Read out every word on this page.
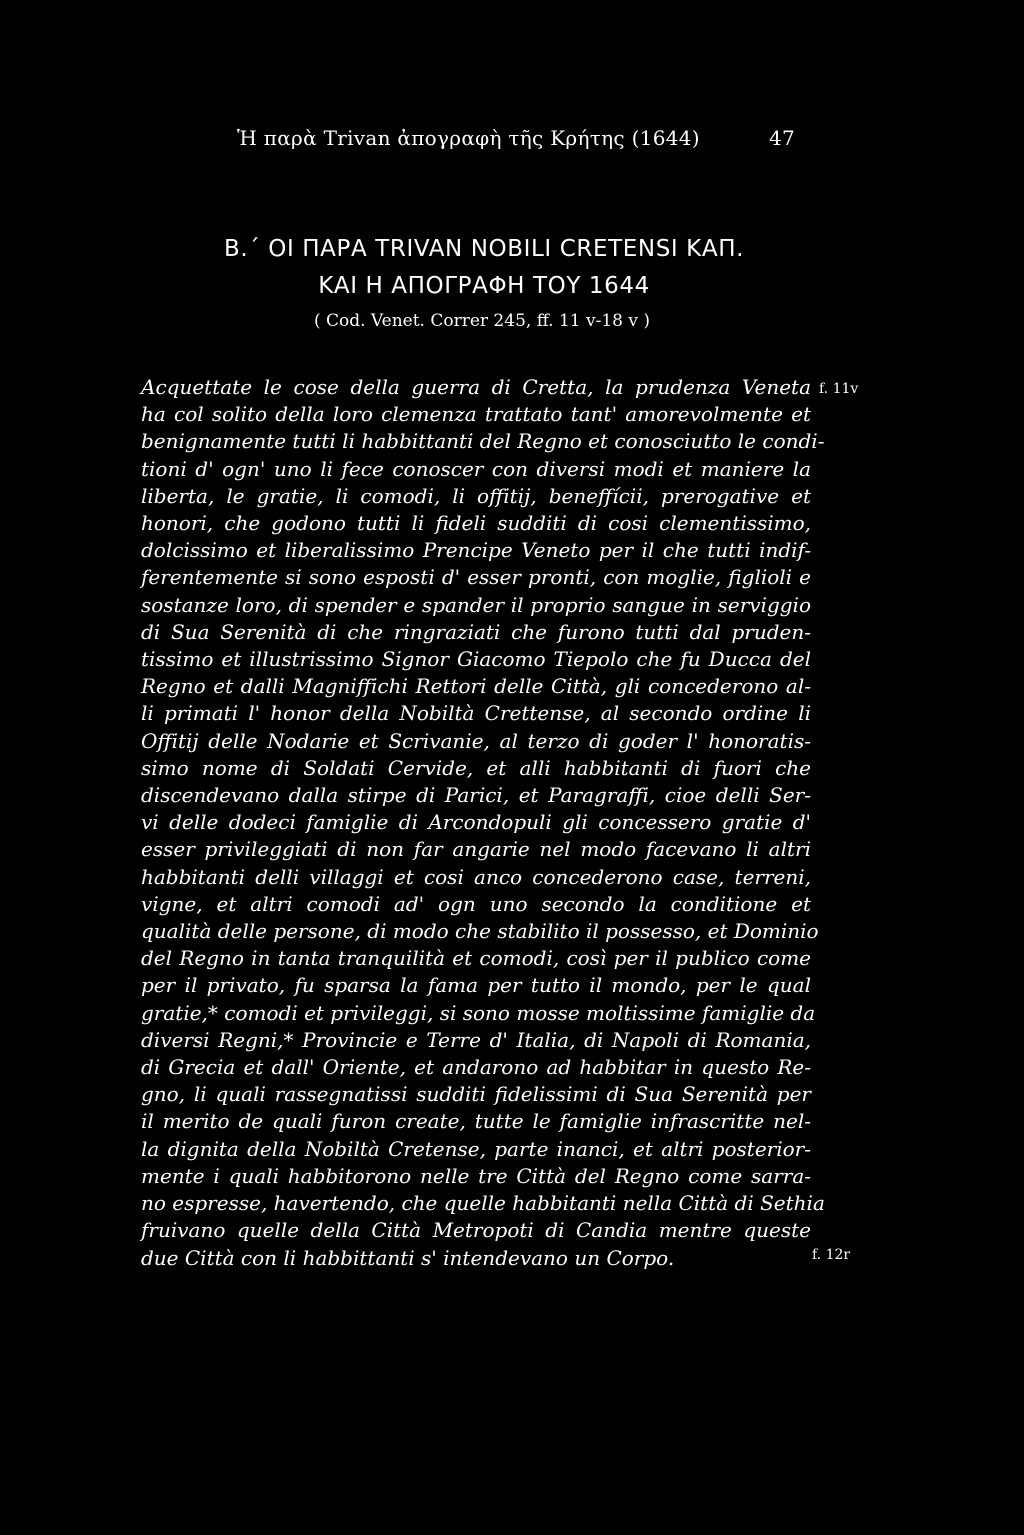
Ἡ παρὰ Trivan ἀπογραφὴ τῆς Κρήτης (1644)	47
Β.΄ ΟΙ ΠΑΡΑ TRIVAN NOBILI CRETENSI ΚΑΠ.
ΚΑΙ Η ΑΠΟΓΡΑΦΗ ΤΟΥ 1644
( Cod. Venet. Correr 245, ff. 11 v-18 v )
Acquettate le cose della guerra di Cretta, la prudenza Veneta
ha col solito della loro clemenza trattato tant' amorevolmente et
benignamente tutti li habbittanti del Regno et conosciutto le condi-
tioni d' ogn' uno li fece conoscer con diversi modi et maniere la
liberta, le gratie, li comodi, li offitij, beneffícii, prerogative et
honori, che godono tutti li fideli sudditi di cosi clementissimo,
dolcissimo et liberalissimo Prencipe Veneto per il che tutti indif-
ferentemente si sono esposti d' esser pronti, con moglie, figlioli e
sostanze loro, di spender e spander il proprio sangue in serviggio
di Sua Serenità di che ringraziati che furono tutti dal pruden-
tissimo et illustrissimo Signor Giacomo Tiepolo che fu Ducca del
Regno et dalli Magniffichi Rettori delle Città, gli concederono al-
li primati l' honor della Nobiltà Crettense, al secondo ordine li
Offitij delle Nodarie et Scrivanie, al terzo di goder l' honoratis-
simo nome di Soldati Cervide, et alli habbitanti di fuori che
discendevano dalla stirpe di Parici, et Paragraffi, cioe delli Ser-
vi delle dodeci famiglie di Arcondopuli gli concessero gratie d'
esser privileggiati di non far angarie nel modo facevano li altri
habbitanti delli villaggi et cosi anco concederono case, terreni,
vigne, et altri comodi ad' ogn uno secondo la conditione et
qualità delle persone, di modo che stabilito il possesso, et Dominio
del Regno in tanta tranquilità et comodi, così per il publico come
per il privato, fu sparsa la fama per tutto il mondo, per le qual
gratie,* comodi et privileggi, si sono mosse moltissime famiglie da
diversi Regni,* Provincie e Terre d' Italia, di Napoli di Romania,
di Grecia et dall' Oriente, et andarono ad habbitar in questo Re-
gno, li quali rassegnatissi sudditi fidelissimi di Sua Serenità per
il merito de quali furon create, tutte le famiglie infrascritte nel-
la dignita della Nobiltà Cretense, parte inanci, et altri posterior-
mente i quali habbitorono nelle tre Città del Regno come sarra-
no espresse, havertendo, che quelle habbitanti nella Città di Sethia
fruivano quelle della Città Metropoti di Candia mentre queste
due Città con li habbittanti s' intendevano un Corpo.
f. 11v
f. 12r
